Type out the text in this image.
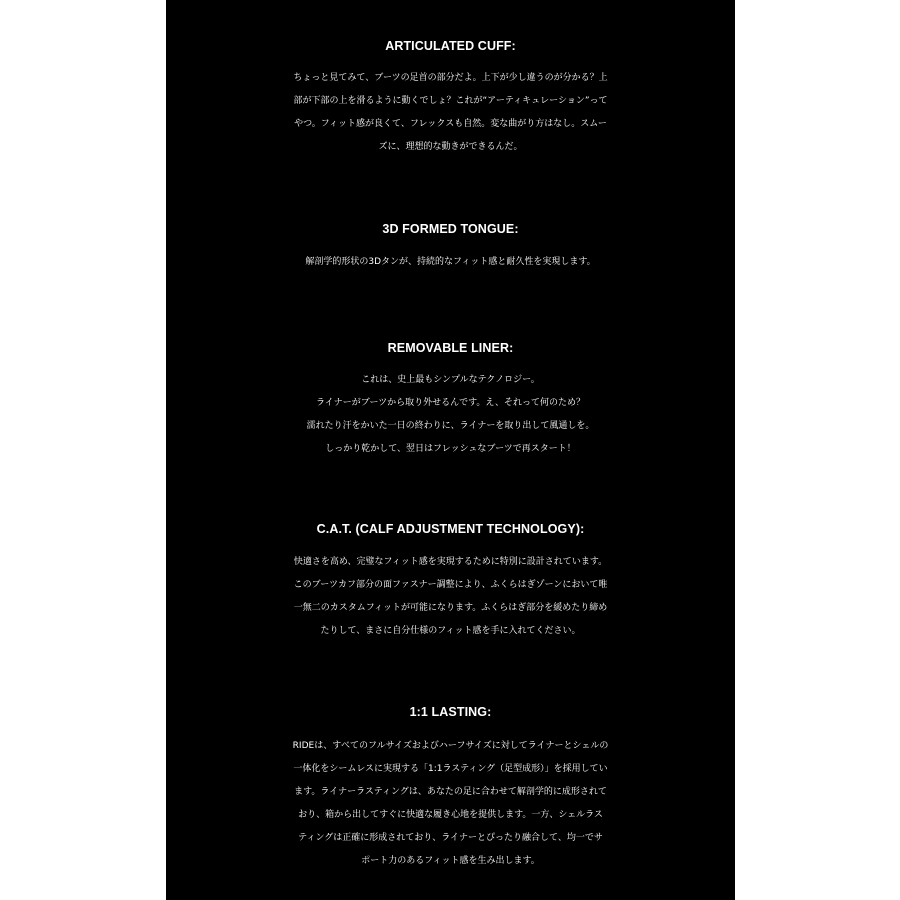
ARTICULATED CUFF:

ちょっと見てみて、ブーツの足首の部分だよ。上下が少し違うのが分かる？上
部が下部の上を滑るように動くでしょ？これが“アーティキュレーション”って
やつ。フィット感が良くて、フレックスも自然。変な曲がり方はなし。スムー
ズに、理想的な動きができるんだ。

3D FORMED TONGUE:

解剖学的形状の3Dタンが、持続的なフィット感と耐久性を実現します。

REMOVABLE LINER:

これは、史上最もシンプルなテクノロジー。
ライナーがブーツから取り外せるんです。え、それって何のため？
濡れたり汗をかいた一日の終わりに、ライナーを取り出して風通しを。
しっかり乾かして、翌日はフレッシュなブーツで再スタート！

C.A.T. (CALF ADJUSTMENT TECHNOLOGY):

快適さを高め、完璧なフィット感を実現するために特別に設計されています。
このブーツカフ部分の面ファスナー調整により、ふくらはぎゾーンにおいて唯
一無二のカスタムフィットが可能になります。ふくらはぎ部分を緩めたり締め
たりして、まさに自分仕様のフィット感を手に入れてください。

1:1 LASTING:

RIDEは、すべてのフルサイズおよびハーフサイズに対してライナーとシェルの
一体化をシームレスに実現する「1:1ラスティング（足型成形）」を採用してい
ます。ライナーラスティングは、あなたの足に合わせて解剖学的に成形されて
おり、箱から出してすぐに快適な履き心地を提供します。一方、シェルラス
ティングは正確に形成されており、ライナーとぴったり融合して、均一でサ
ポート力のあるフィット感を生み出します。
